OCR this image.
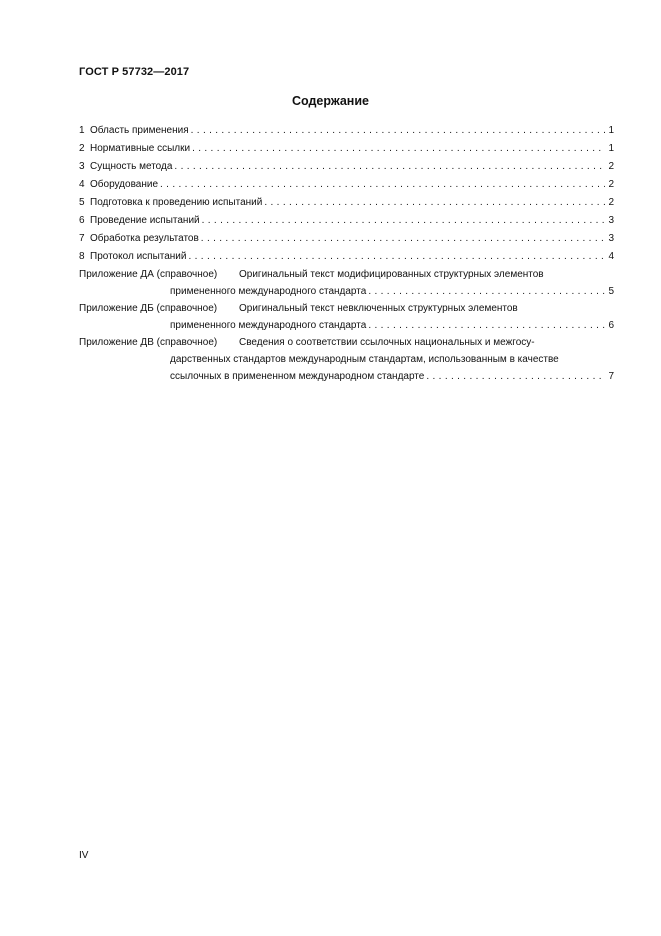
ГОСТ Р 57732—2017
Содержание
1 Область применения . . .	1
2 Нормативные ссылки . . .	1
3 Сущность метода . . .	2
4 Оборудование . . .	2
5 Подготовка к проведению испытаний . . .	2
6 Проведение испытаний . . .	3
7 Обработка результатов . . .	3
8 Протокол испытаний . . .	4
Приложение ДА (справочное)	Оригинальный текст модифицированных структурных элементов
примененного международного стандарта . . .	5
Приложение ДБ (справочное)	Оригинальный текст невключенных структурных элементов
примененного международного стандарта . . .	6
Приложение ДВ (справочное)	Сведения о соответствии ссылочных национальных и межгосу-
дарственных стандартов международным стандартам, использованным в качестве
ссылочных в примененном международном стандарте . . .	7
IV
